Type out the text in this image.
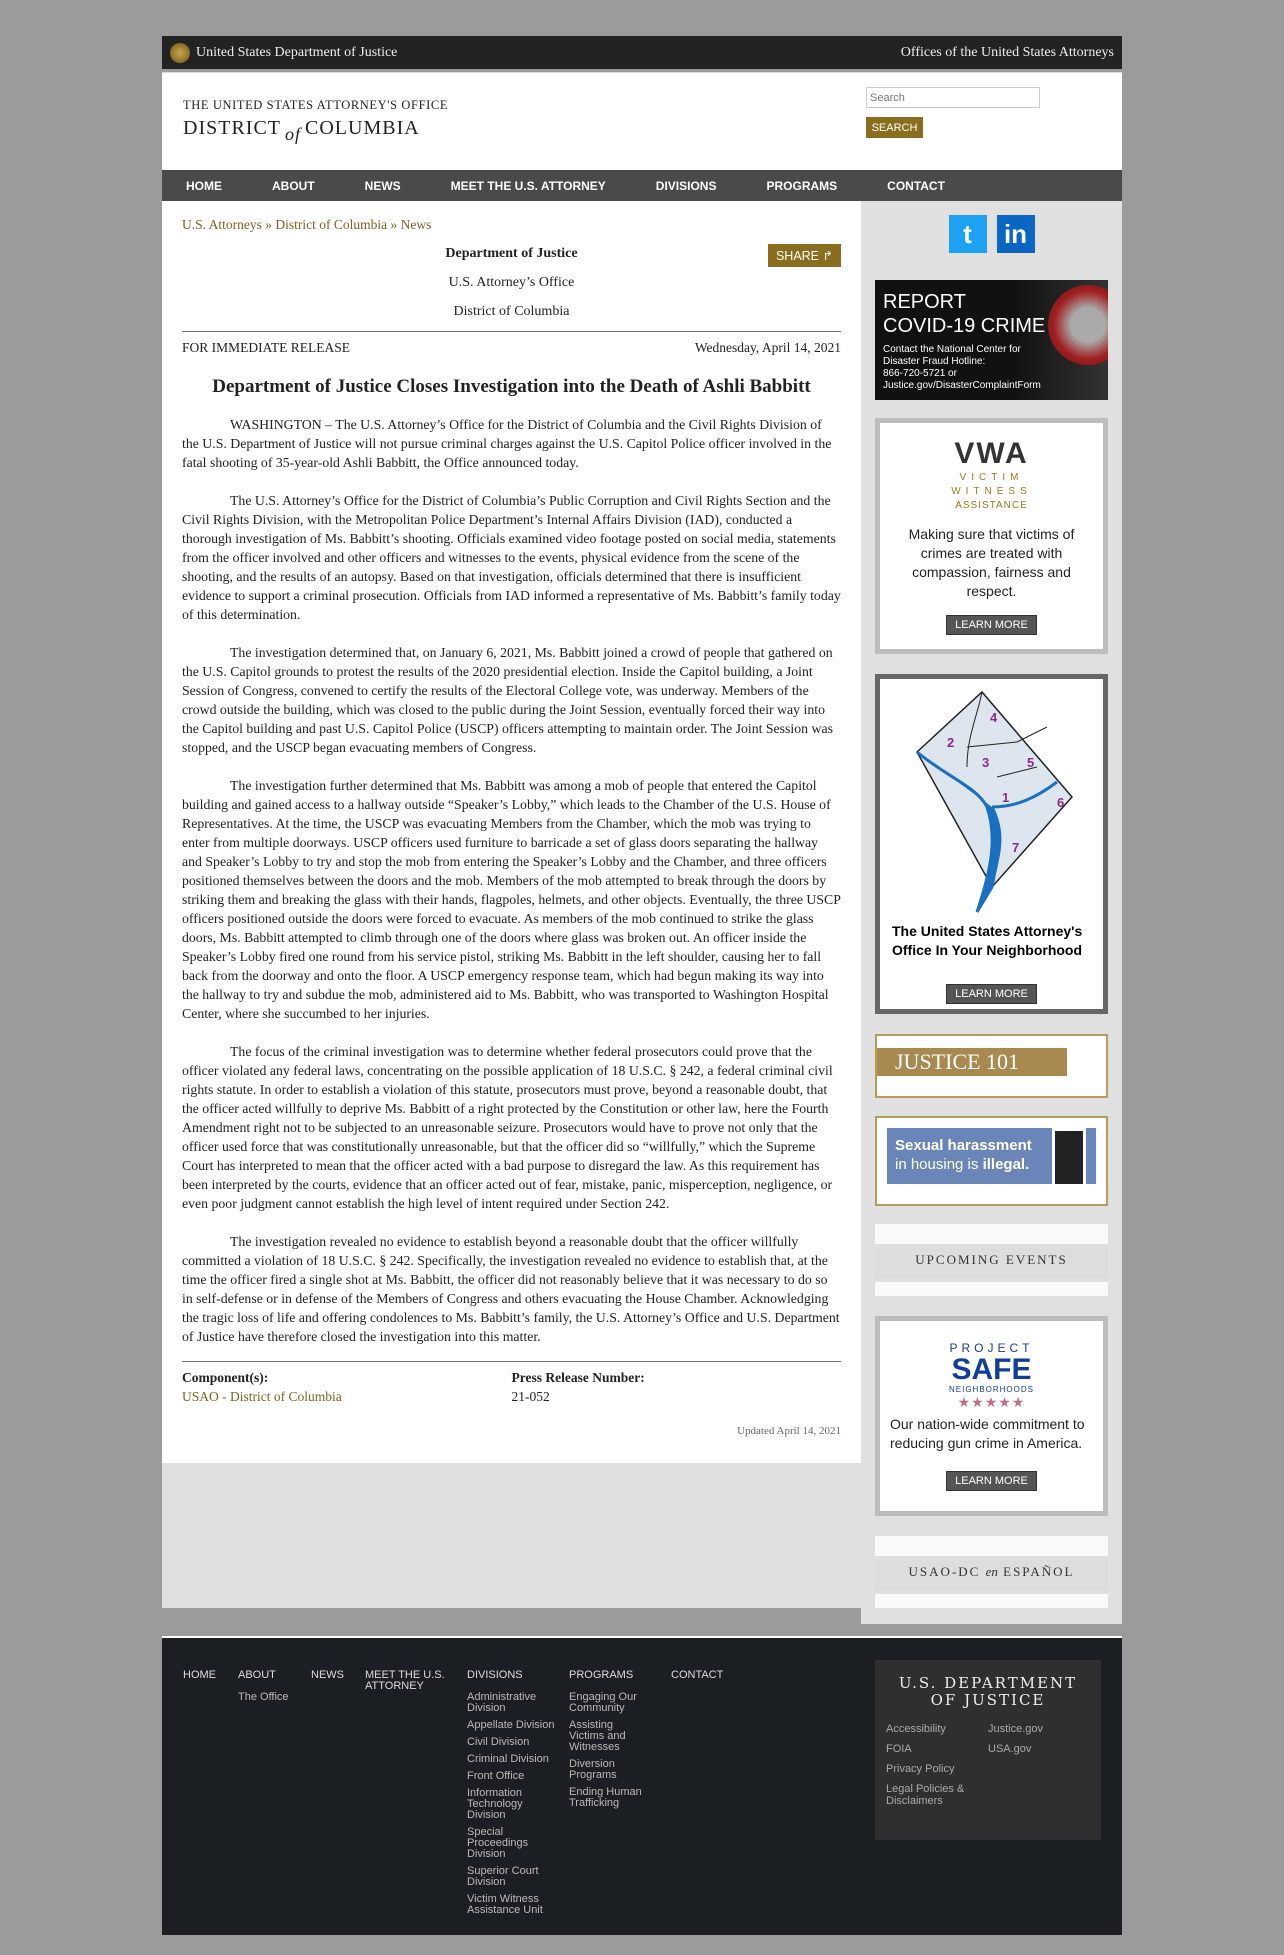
United States Department of Justice	Offices of the United States Attorneys
THE UNITED STATES ATTORNEY'S OFFICE
DISTRICT of COLUMBIA
Search	SEARCH
HOME	ABOUT	NEWS	MEET THE U.S. ATTORNEY	DIVISIONS	PROGRAMS	CONTACT
U.S. Attorneys » District of Columbia » News
Department of Justice
U.S. Attorney’s Office
District of Columbia
SHARE ↱
FOR IMMEDIATE RELEASE	Wednesday, April 14, 2021
Department of Justice Closes Investigation into the Death of Ashli Babbitt

WASHINGTON – The U.S. Attorney’s Office for the District of Columbia and the Civil Rights Division of the U.S. Department of Justice will not pursue criminal charges against the U.S. Capitol Police officer involved in the fatal shooting of 35-year-old Ashli Babbitt, the Office announced today.

The U.S. Attorney’s Office for the District of Columbia’s Public Corruption and Civil Rights Section and the Civil Rights Division, with the Metropolitan Police Department’s Internal Affairs Division (IAD), conducted a thorough investigation of Ms. Babbitt’s shooting. Officials examined video footage posted on social media, statements from the officer involved and other officers and witnesses to the events, physical evidence from the scene of the shooting, and the results of an autopsy. Based on that investigation, officials determined that there is insufficient evidence to support a criminal prosecution. Officials from IAD informed a representative of Ms. Babbitt’s family today of this determination.

The investigation determined that, on January 6, 2021, Ms. Babbitt joined a crowd of people that gathered on the U.S. Capitol grounds to protest the results of the 2020 presidential election. Inside the Capitol building, a Joint Session of Congress, convened to certify the results of the Electoral College vote, was underway. Members of the crowd outside the building, which was closed to the public during the Joint Session, eventually forced their way into the Capitol building and past U.S. Capitol Police (USCP) officers attempting to maintain order. The Joint Session was stopped, and the USCP began evacuating members of Congress.

The investigation further determined that Ms. Babbitt was among a mob of people that entered the Capitol building and gained access to a hallway outside “Speaker’s Lobby,” which leads to the Chamber of the U.S. House of Representatives. At the time, the USCP was evacuating Members from the Chamber, which the mob was trying to enter from multiple doorways. USCP officers used furniture to barricade a set of glass doors separating the hallway and Speaker’s Lobby to try and stop the mob from entering the Speaker’s Lobby and the Chamber, and three officers positioned themselves between the doors and the mob. Members of the mob attempted to break through the doors by striking them and breaking the glass with their hands, flagpoles, helmets, and other objects. Eventually, the three USCP officers positioned outside the doors were forced to evacuate. As members of the mob continued to strike the glass doors, Ms. Babbitt attempted to climb through one of the doors where glass was broken out. An officer inside the Speaker’s Lobby fired one round from his service pistol, striking Ms. Babbitt in the left shoulder, causing her to fall back from the doorway and onto the floor. A USCP emergency response team, which had begun making its way into the hallway to try and subdue the mob, administered aid to Ms. Babbitt, who was transported to Washington Hospital Center, where she succumbed to her injuries.

The focus of the criminal investigation was to determine whether federal prosecutors could prove that the officer violated any federal laws, concentrating on the possible application of 18 U.S.C. § 242, a federal criminal civil rights statute. In order to establish a violation of this statute, prosecutors must prove, beyond a reasonable doubt, that the officer acted willfully to deprive Ms. Babbitt of a right protected by the Constitution or other law, here the Fourth Amendment right not to be subjected to an unreasonable seizure. Prosecutors would have to prove not only that the officer used force that was constitutionally unreasonable, but that the officer did so “willfully,” which the Supreme Court has interpreted to mean that the officer acted with a bad purpose to disregard the law. As this requirement has been interpreted by the courts, evidence that an officer acted out of fear, mistake, panic, misperception, negligence, or even poor judgment cannot establish the high level of intent required under Section 242.

The investigation revealed no evidence to establish beyond a reasonable doubt that the officer willfully committed a violation of 18 U.S.C. § 242. Specifically, the investigation revealed no evidence to establish that, at the time the officer fired a single shot at Ms. Babbitt, the officer did not reasonably believe that it was necessary to do so in self-defense or in defense of the Members of Congress and others evacuating the House Chamber. Acknowledging the tragic loss of life and offering condolences to Ms. Babbitt’s family, the U.S. Attorney’s Office and U.S. Department of Justice have therefore closed the investigation into this matter.

Component(s):
USAO - District of Columbia
Press Release Number:
21-052
Updated April 14, 2021
t	in
REPORT
COVID-19 CRIME
Contact the National Center for Disaster Fraud Hotline:
866-720-5721 or
Justice.gov/DisasterComplaintForm
VWA
VICTIM
WITNESS
ASSISTANCE
Making sure that victims of crimes are treated with compassion, fairness and respect.
LEARN MORE
2
4
3	5
1	6
7
The United States Attorney's Office In Your Neighborhood
LEARN MORE
JUSTICE 101
Sexual harassment
in housing is illegal.
UPCOMING EVENTS
PROJECT
SAFE
NEIGHBORHOODS
★★★★★
Our nation-wide commitment to reducing gun crime in America.
LEARN MORE
USAO-DC
en
ESPAÑOL
HOME	ABOUT
The Office
NEWS	MEET THE U.S. ATTORNEY
DIVISIONS
Administrative Division
Appellate Division
Civil Division
Criminal Division
Front Office
Information Technology Division
Special Proceedings Division
Superior Court Division
Victim Witness Assistance Unit
PROGRAMS
Engaging Our Community
Assisting Victims and Witnesses
Diversion Programs
Ending Human Trafficking
CONTACT	U.S. DEPARTMENT OF JUSTICE
Accessibility	Justice.gov
FOIA	USA.gov
Privacy Policy
Legal Policies & Disclaimers
